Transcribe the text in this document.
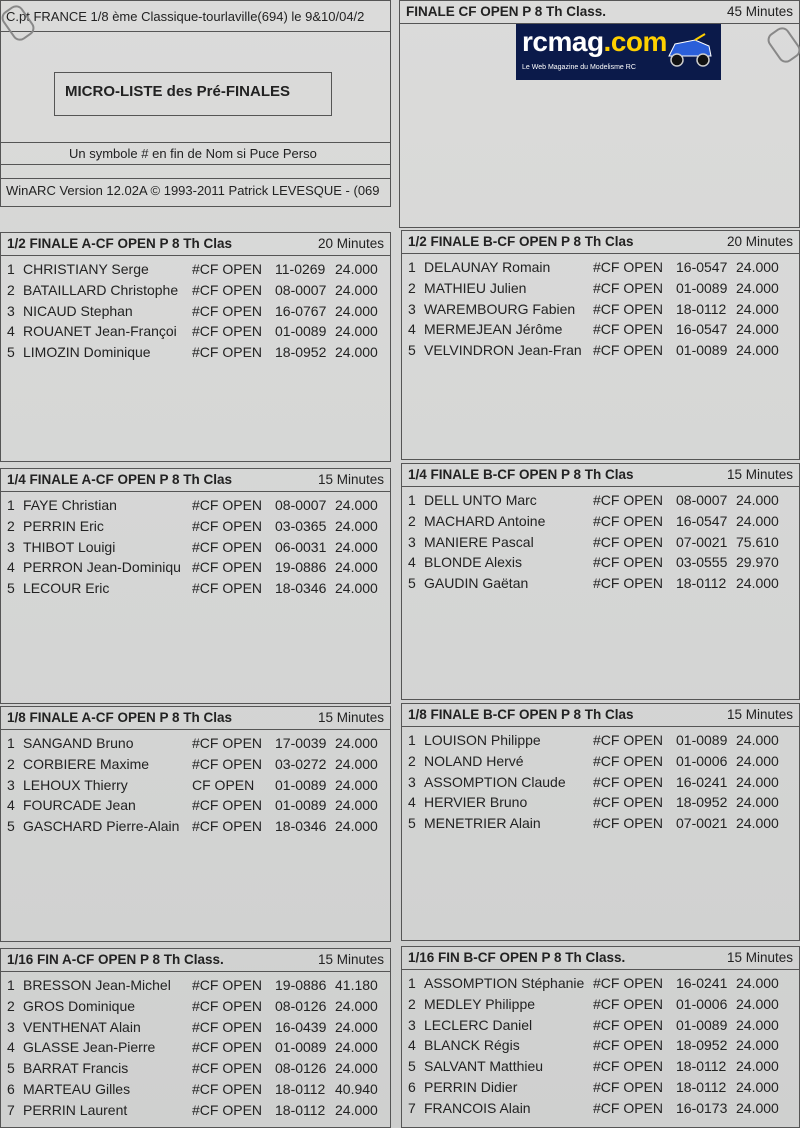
C.pt FRANCE 1/8 ème Classique-tourlaville(694) le 9&10/04/2
MICRO-LISTE des Pré-FINALES
Un symbole # en fin de Nom si Puce Perso
WinARC Version 12.02A © 1993-2011 Patrick LEVESQUE - (069
FINALE CF OPEN P 8 Th Class.	45 Minutes
rcmag.com
Le Web Magazine du Modelisme RC
1/2 FINALE A-CF OPEN P 8 Th Clas	20 Minutes
1 CHRISTIANY Serge	#CF OPEN 11-0269 24.000
2 BATAILLARD Christophe #CF OPEN 08-0007 24.000
3 NICAUD Stephan	#CF OPEN 16-0767 24.000
4 ROUANET Jean-Françoi	#CF OPEN 01-0089 24.000
5 LIMOZIN Dominique	#CF OPEN 18-0952 24.000
1/2 FINALE B-CF OPEN P 8 Th Clas	20 Minutes
1 DELAUNAY Romain	#CF OPEN 16-0547 24.000
2 MATHIEU Julien	#CF OPEN 01-0089 24.000
3 WAREMBOURG Fabien	#CF OPEN 18-0112 24.000
4 MERMEJEAN Jérôme	#CF OPEN 16-0547 24.000
5 VELVINDRON Jean-Fran #CF OPEN 01-0089 24.000
1/4 FINALE A-CF OPEN P 8 Th Clas	15 Minutes
1 FAYE Christian	#CF OPEN 08-0007 24.000
2 PERRIN Eric	#CF OPEN 03-0365 24.000
3 THIBOT Louigi	#CF OPEN 06-0031 24.000
4 PERRON Jean-Dominiqu #CF OPEN 19-0886 24.000
5 LECOUR Eric	#CF OPEN 18-0346 24.000
1/4 FINALE B-CF OPEN P 8 Th Clas	15 Minutes
1 DELL UNTO Marc	#CF OPEN 08-0007 24.000
2 MACHARD Antoine	#CF OPEN 16-0547 24.000
3 MANIERE Pascal	#CF OPEN 07-0021 75.610
4 BLONDE Alexis	#CF OPEN 03-0555 29.970
5 GAUDIN Gaëtan	#CF OPEN 18-0112 24.000
1/8 FINALE A-CF OPEN P 8 Th Clas	15 Minutes
1 SANGAND Bruno	#CF OPEN 17-0039 24.000
2 CORBIERE Maxime	#CF OPEN 03-0272 24.000
3 LEHOUX Thierry	CF OPEN 01-0089 24.000
4 FOURCADE Jean	#CF OPEN 01-0089 24.000
5 GASCHARD Pierre-Alain #CF OPEN 18-0346 24.000
1/8 FINALE B-CF OPEN P 8 Th Clas	15 Minutes
1 LOUISON Philippe	#CF OPEN 01-0089 24.000
2 NOLAND Hervé	#CF OPEN 01-0006 24.000
3 ASSOMPTION Claude	#CF OPEN 16-0241 24.000
4 HERVIER Bruno	#CF OPEN 18-0952 24.000
5 MENETRIER Alain	#CF OPEN 07-0021 24.000
1/16 FIN A-CF OPEN P 8 Th Class.	15 Minutes
1 BRESSON Jean-Michel	#CF OPEN 19-0886 41.180
2 GROS Dominique	#CF OPEN 08-0126 24.000
3 VENTHENAT Alain	#CF OPEN 16-0439 24.000
4 GLASSE Jean-Pierre	#CF OPEN 01-0089 24.000
5 BARRAT Francis	#CF OPEN 08-0126 24.000
6 MARTEAU Gilles	#CF OPEN 18-0112 40.940
7 PERRIN Laurent	#CF OPEN 18-0112 24.000
1/16 FIN B-CF OPEN P 8 Th Class.	15 Minutes
1 ASSOMPTION Stéphanie #CF OPEN 16-0241 24.000
2 MEDLEY Philippe	#CF OPEN 01-0006 24.000
3 LECLERC Daniel	#CF OPEN 01-0089 24.000
4 BLANCK Régis	#CF OPEN 18-0952 24.000
5 SALVANT Matthieu	#CF OPEN 18-0112 24.000
6 PERRIN Didier	#CF OPEN 18-0112 24.000
7 FRANCOIS Alain	#CF OPEN 16-0173 24.000
